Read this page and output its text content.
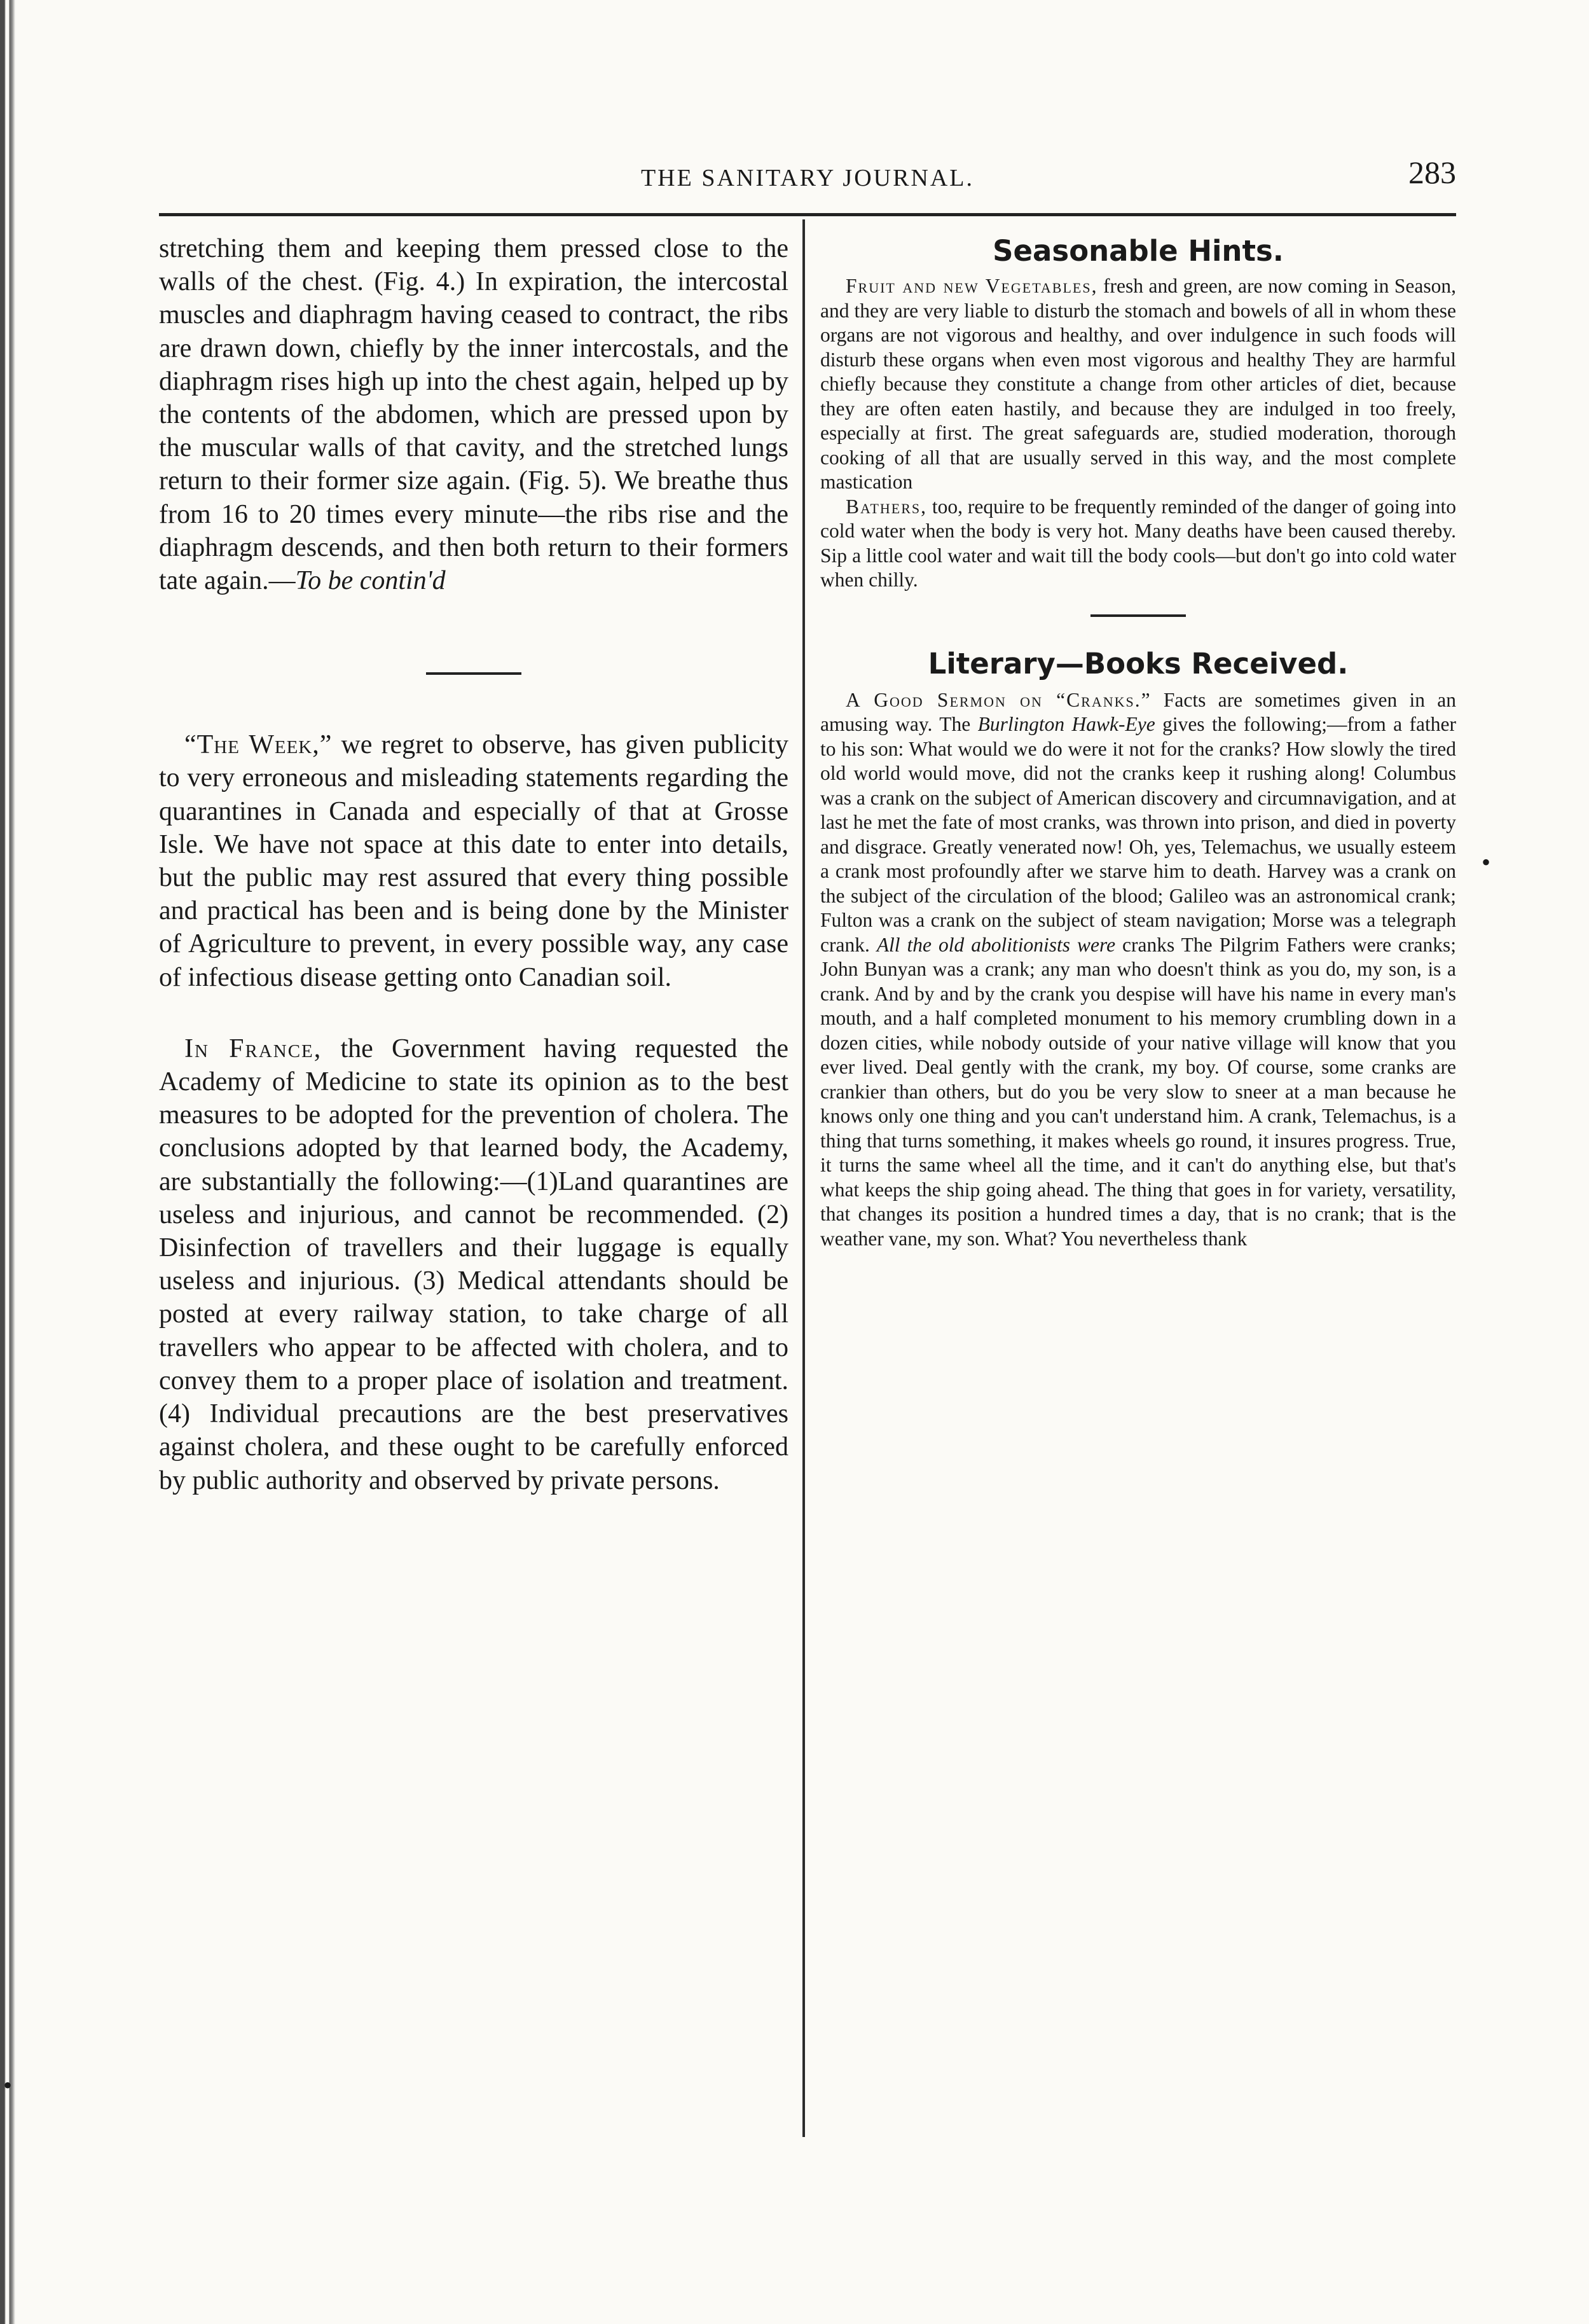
THE SANITARY JOURNAL.	283

stretching them and keeping them pressed close to the walls of the chest. (Fig. 4.) In expiration, the intercostal muscles and diaphragm having ceased to contract, the ribs are drawn down, chiefly by the inner intercostals, and the diaphragm rises high up into the chest again, helped up by the contents of the abdomen, which are pressed upon by the muscular walls of that cavity, and the stretched lungs return to their former size again. (Fig. 5). We breathe thus from 16 to 20 times every minute—the ribs rise and the diaphragm descends, and then both return to their formers tate again.—To be contin'd

“The Week,” we regret to observe, has given publicity to very erroneous and misleading statements regarding the quarantines in Canada and especially of that at Grosse Isle. We have not space at this date to enter into details, but the public may rest assured that every thing possible and practical has been and is being done by the Minister of Agriculture to prevent, in every possible way, any case of infectious disease getting onto Canadian soil.

In France, the Government having requested the Academy of Medicine to state its opinion as to the best measures to be adopted for the prevention of cholera. The conclusions adopted by that learned body, the Academy, are substantially the following:—(1)Land quarantines are useless and injurious, and cannot be recommended. (2) Disinfection of travellers and their luggage is equally useless and injurious. (3) Medical attendants should be posted at every railway station, to take charge of all travellers who appear to be affected with cholera, and to convey them to a proper place of isolation and treatment. (4) Individual precautions are the best preservatives against cholera, and these ought to be carefully enforced by public authority and observed by private persons.

Seasonable Hints.

Fruit and new Vegetables, fresh and green, are now coming in Season, and they are very liable to disturb the stomach and bowels of all in whom these organs are not vigorous and healthy, and over indulgence in such foods will disturb these organs when even most vigorous and healthy They are harmful chiefly because they constitute a change from other articles of diet, because they are often eaten hastily, and because they are indulged in too freely, especially at first. The great safeguards are, studied moderation, thorough cooking of all that are usually served in this way, and the most complete mastication

Bathers, too, require to be frequently reminded of the danger of going into cold water when the body is very hot. Many deaths have been caused thereby. Sip a little cool water and wait till the body cools—but don't go into cold water when chilly.

Literary—Books Received.

A Good Sermon on “Cranks.” Facts are sometimes given in an amusing way. The Burlington Hawk-Eye gives the following;—from a father to his son: What would we do were it not for the cranks? How slowly the tired old world would move, did not the cranks keep it rushing along! Columbus was a crank on the subject of American discovery and circumnavigation, and at last he met the fate of most cranks, was thrown into prison, and died in poverty and disgrace. Greatly venerated now! Oh, yes, Telemachus, we usually esteem a crank most profoundly after we starve him to death. Harvey was a crank on the subject of the circulation of the blood; Galileo was an astronomical crank; Fulton was a crank on the subject of steam navigation; Morse was a telegraph crank. All the old abolitionists were cranks The Pilgrim Fathers were cranks; John Bunyan was a crank; any man who doesn't think as you do, my son, is a crank. And by and by the crank you despise will have his name in every man's mouth, and a half completed monument to his memory crumbling down in a dozen cities, while nobody outside of your native village will know that you ever lived. Deal gently with the crank, my boy. Of course, some cranks are crankier than others, but do you be very slow to sneer at a man because he knows only one thing and you can't understand him. A crank, Telemachus, is a thing that turns something, it makes wheels go round, it insures progress. True, it turns the same wheel all the time, and it can't do anything else, but that's what keeps the ship going ahead. The thing that goes in for variety, versatility, that changes its position a hundred times a day, that is no crank; that is the weather vane, my son. What? You nevertheless thank

•
•
